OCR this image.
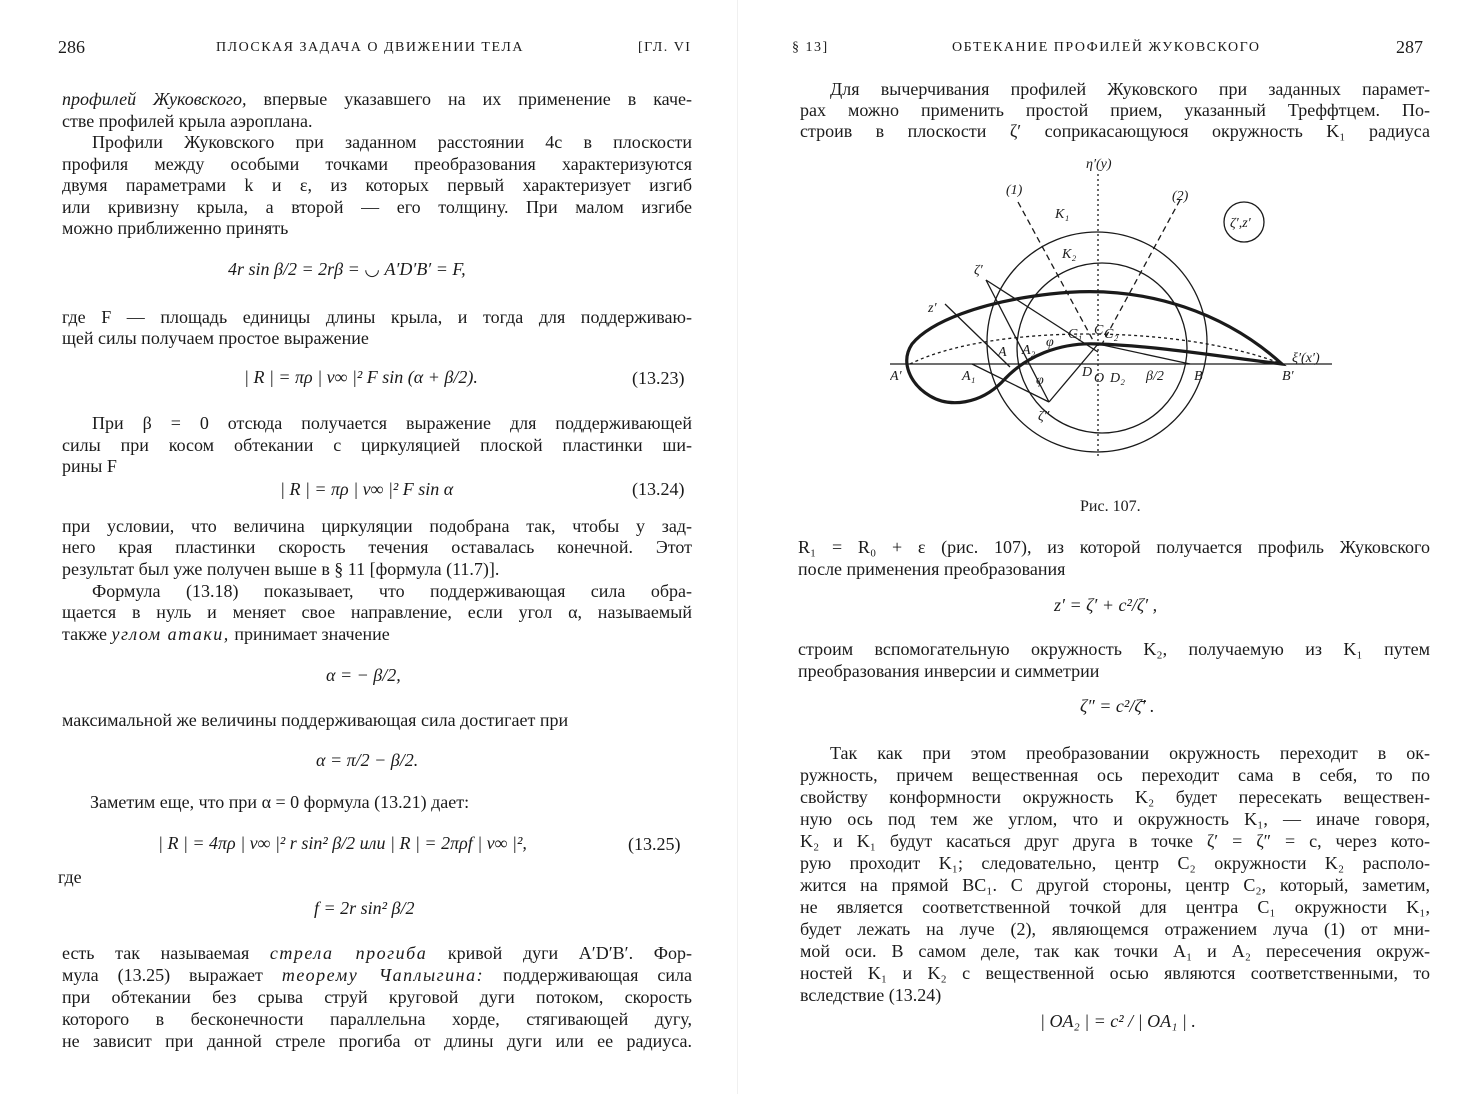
286	ПЛОСКАЯ ЗАДАЧА О ДВИЖЕНИИ ТЕЛА	[ГЛ. VI
профилей Жуковского, впервые указавшего на их применение в каче-
стве профилей крыла аэроплана.
Профили Жуковского при заданном расстоянии 4c в плоскости
профиля между особыми точками преобразования характеризуются
двумя параметрами k и ε, из которых первый характеризует изгиб
или кривизну крыла, а второй — его толщину. При малом изгибе
можно приближенно принять
4r sin β/2 = 2rβ = ◡ A′D′B′ = F,
где F — площадь единицы длины крыла, и тогда для поддерживаю-
щей силы получаем простое выражение
| R | = πρ | v∞ |² F sin (α + β/2).	(13.23)
При β = 0 отсюда получается выражение для поддерживающей
силы при косом обтекании с циркуляцией плоской пластинки ши-
рины F
| R | = πρ | v∞ |² F sin α	(13.24)
при условии, что величина циркуляции подобрана так, чтобы у зад-
него края пластинки скорость течения оставалась конечной. Этот
результат был уже получен выше в § 11 [формула (11.7)].
Формула (13.18) показывает, что поддерживающая сила обра-
щается в нуль и меняет свое направление, если угол α, называемый
также углом атаки, принимает значение
α = − β/2,
максимальной же величины поддерживающая сила достигает при
α = π/2 − β/2.
Заметим еще, что при α = 0 формула (13.21) дает:
| R | = 4πρ | v∞ |² r sin² β/2 или | R | = 2πρf | v∞ |²,	(13.25)
где
f = 2r sin² β/2
есть так называемая стрела прогиба кривой дуги A′D′B′. Фор-
мула (13.25) выражает теорему Чаплыгина: поддерживающая сила
при обтекании без срыва струй круговой дуги потоком, скорость
которого в бесконечности параллельна хорде, стягивающей дугу,
не зависит при данной стреле прогиба от длины дуги или ее радиуса.
§ 13]	ОБТЕКАНИЕ ПРОФИЛЕЙ ЖУКОВСКОГО	287
Для вычерчивания профилей Жуковского при заданных парамет-
рах можно применить простой прием, указанный Треффтцем. По-
строив в плоскости ζ′ соприкасающуюся окружность K₁ радиуса
η′(y)
ξ′(x′)
ζ′,z′
(1)	(2)
K₁
K₂
ζ′
z′
ζ″
A′	A₁
A A₂
φ
φ
C₁ C C₂
D O D₂ β/2 B	B′
Рис. 107.
R₁ = R₀ + ε (рис. 107), из которой получается профиль Жуковского
после применения преобразования
z′ = ζ′ + c²/ζ′ ,
строим вспомогательную окружность K₂, получаемую из K₁ путем
преобразования инверсии и симметрии
ζ″ = c²/ζ̄′ .
Так как при этом преобразовании окружность переходит в ок-
ружность, причем вещественная ось переходит сама в себя, то по
свойству конформности окружность K₂ будет пересекать веществен-
ную ось под тем же углом, что и окружность K₁, — иначе говоря,
K₂ и K₁ будут касаться друг друга в точке ζ′ = ζ″ = c, через кото-
рую проходит K₁; следовательно, центр C₂ окружности K₂ располо-
жится на прямой BC₁. С другой стороны, центр C₂, который, заметим,
не является соответственной точкой для центра C₁ окружности K₁,
будет лежать на луче (2), являющемся отражением луча (1) от мни-
мой оси. В самом деле, так как точки A₁ и A₂ пересечения окруж-
ностей K₁ и K₂ с вещественной осью являются соответственными, то
вследствие (13.24)
| OA₂ | = c² / | OA₁ | .
